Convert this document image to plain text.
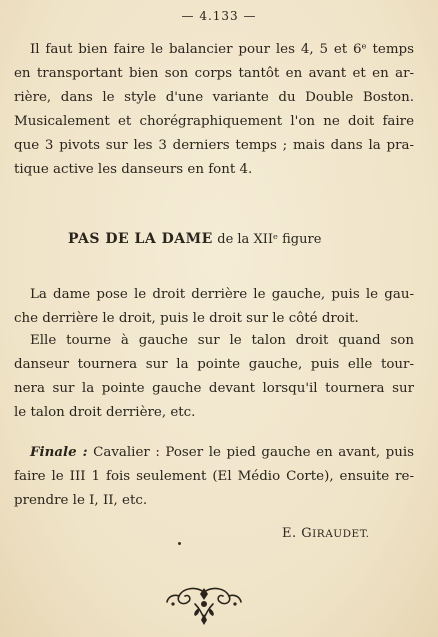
— 4.133 —
Il faut bien faire le balancier pour les 4, 5 et 6ᵉ temps
en transportant bien son corps tantôt en avant et en ar-
rière, dans le style d'une variante du Double Boston.
Musicalement et chorégraphiquement l'on ne doit faire
que 3 pivots sur les 3 derniers temps ; mais dans la pra-
tique active les danseurs en font 4.
PAS DE LA DAME de la XIIᵉ figure
La dame pose le droit derrière le gauche, puis le gau-
che derrière le droit, puis le droit sur le côté droit.
Elle tourne à gauche sur le talon droit quand son
danseur tournera sur la pointe gauche, puis elle tour-
nera sur la pointe gauche devant lorsqu'il tournera sur
le talon droit derrière, etc.
Finale : Cavalier : Poser le pied gauche en avant, puis
faire le III 1 fois seulement (El Médio Corte), ensuite re-
prendre le I, II, etc.
E. GIRAUDET.
